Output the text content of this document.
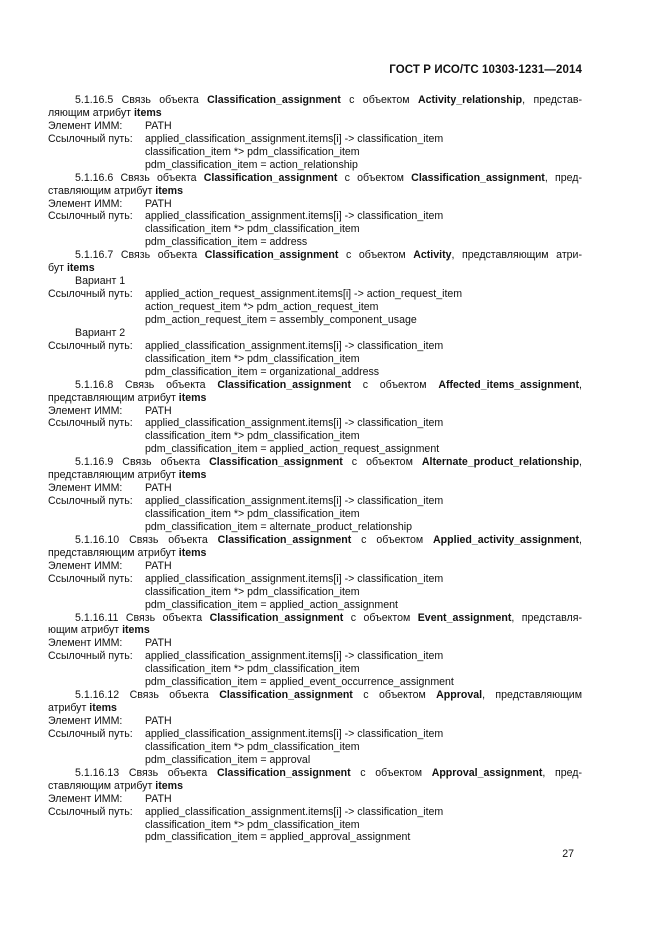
ГОСТ Р ИСО/ТС 10303-1231—2014
5.1.16.5 Связь объекта Classification_assignment с объектом Activity_relationship, представ-
ляющим атрибут items
Элемент ИММ: PATH
Ссылочный путь: applied_classification_assignment.items[i] -> classification_item
classification_item *> pdm_classification_item
pdm_classification_item = action_relationship
5.1.16.6 Связь объекта Classification_assignment с объектом Classification_assignment, пред-
ставляющим атрибут items
Элемент ИММ: PATH
Ссылочный путь: applied_classification_assignment.items[i] -> classification_item
classification_item *> pdm_classification_item
pdm_classification_item = address
5.1.16.7 Связь объекта Classification_assignment с объектом Activity, представляющим атри-
бут items
Вариант 1
Ссылочный путь: applied_action_request_assignment.items[i] -> action_request_item
action_request_item *> pdm_action_request_item
pdm_action_request_item = assembly_component_usage
Вариант 2
Ссылочный путь: applied_classification_assignment.items[i] -> classification_item
classification_item *> pdm_classification_item
pdm_classification_item = organizational_address
5.1.16.8 Связь объекта Classification_assignment с объектом Affected_items_assignment,
представляющим атрибут items
Элемент ИММ: PATH
Ссылочный путь: applied_classification_assignment.items[i] -> classification_item
classification_item *> pdm_classification_item
pdm_classification_item = applied_action_request_assignment
5.1.16.9 Связь объекта Classification_assignment с объектом Alternate_product_relationship,
представляющим атрибут items
Элемент ИММ: PATH
Ссылочный путь: applied_classification_assignment.items[i] -> classification_item
classification_item *> pdm_classification_item
pdm_classification_item = alternate_product_relationship
5.1.16.10 Связь объекта Classification_assignment с объектом Applied_activity_assignment,
представляющим атрибут items
Элемент ИММ: PATH
Ссылочный путь: applied_classification_assignment.items[i] -> classification_item
classification_item *> pdm_classification_item
pdm_classification_item = applied_action_assignment
5.1.16.11 Связь объекта Classification_assignment с объектом Event_assignment, представля-
ющим атрибут items
Элемент ИММ: PATH
Ссылочный путь: applied_classification_assignment.items[i] -> classification_item
classification_item *> pdm_classification_item
pdm_classification_item = applied_event_occurrence_assignment
5.1.16.12 Связь объекта Classification_assignment с объектом Approval, представляющим
атрибут items
Элемент ИММ: PATH
Ссылочный путь: applied_classification_assignment.items[i] -> classification_item
classification_item *> pdm_classification_item
pdm_classification_item = approval
5.1.16.13 Связь объекта Classification_assignment с объектом Approval_assignment, пред-
ставляющим атрибут items
Элемент ИММ: PATH
Ссылочный путь: applied_classification_assignment.items[i] -> classification_item
classification_item *> pdm_classification_item
pdm_classification_item = applied_approval_assignment
27
